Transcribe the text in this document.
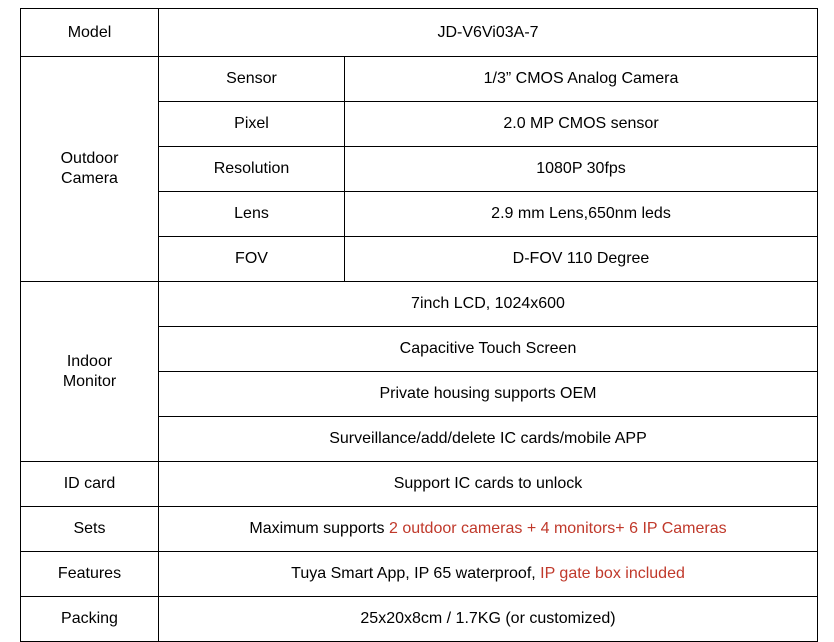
Model	JD-V6Vi03A-7	
Outdoor Camera	Sensor	1/3” CMOS Analog Camera
	Pixel	2.0 MP CMOS sensor
	Resolution	1080P 30fps
	Lens	2.9 mm Lens,650nm leds
	FOV	D-FOV 110 Degree
Indoor Monitor	7inch LCD, 1024x600	
	Capacitive Touch Screen	
	Private housing supports OEM	
	Surveillance/add/delete IC cards/mobile APP	
ID card	Support IC cards to unlock	
Sets	Maximum supports 2 outdoor cameras + 4 monitors+ 6 IP Cameras	
Features	Tuya Smart App, IP 65 waterproof, IP gate box included	
Packing	25x20x8cm / 1.7KG (or customized)	
